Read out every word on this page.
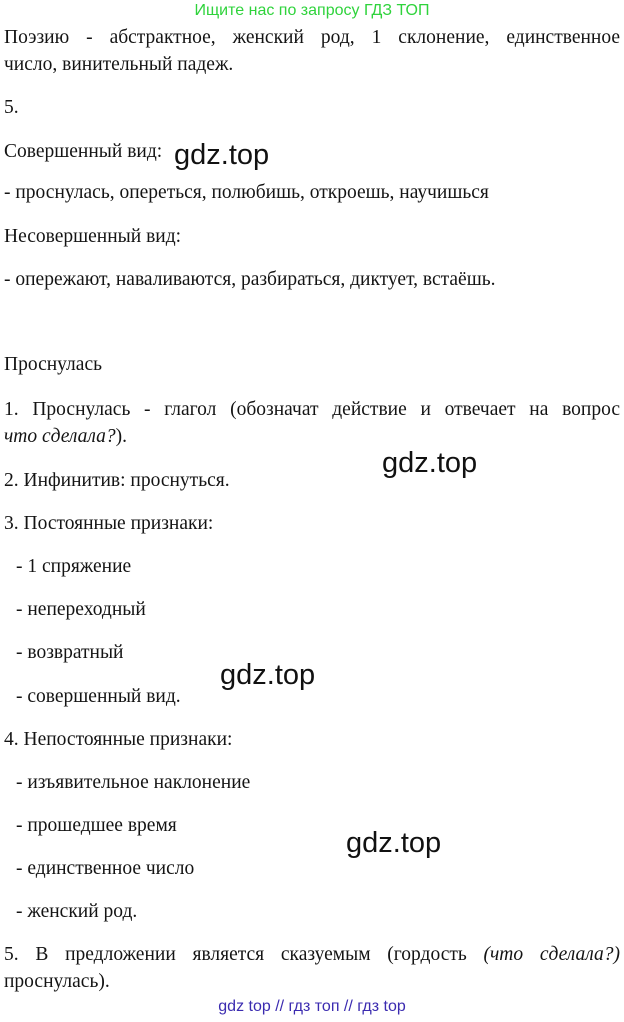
Ищите нас по запросу ГДЗ ТОП
Поэзию - абстрактное, женский род, 1 склонение, единственное
число, винительный падеж.
5.
Совершенный вид:
- проснулась, опереться, полюбишь, откроешь, научишься
Несовершенный вид:
- опережают, наваливаются, разбираться, диктует, встаёшь.
Проснулась
1. Проснулась - глагол (обозначат действие и отвечает на вопрос
что сделала?).
2. Инфинитив: проснуться.
3. Постоянные признаки:
- 1 спряжение
- непереходный
- возвратный
- совершенный вид.
4. Непостоянные признаки:
- изъявительное наклонение
- прошедшее время
- единственное число
- женский род.
5. В предложении является сказуемым (гордость (что сделала?)
проснулась).
gdz.top
gdz.top
gdz.top
gdz.top
gdz top // гдз топ // гдз top
